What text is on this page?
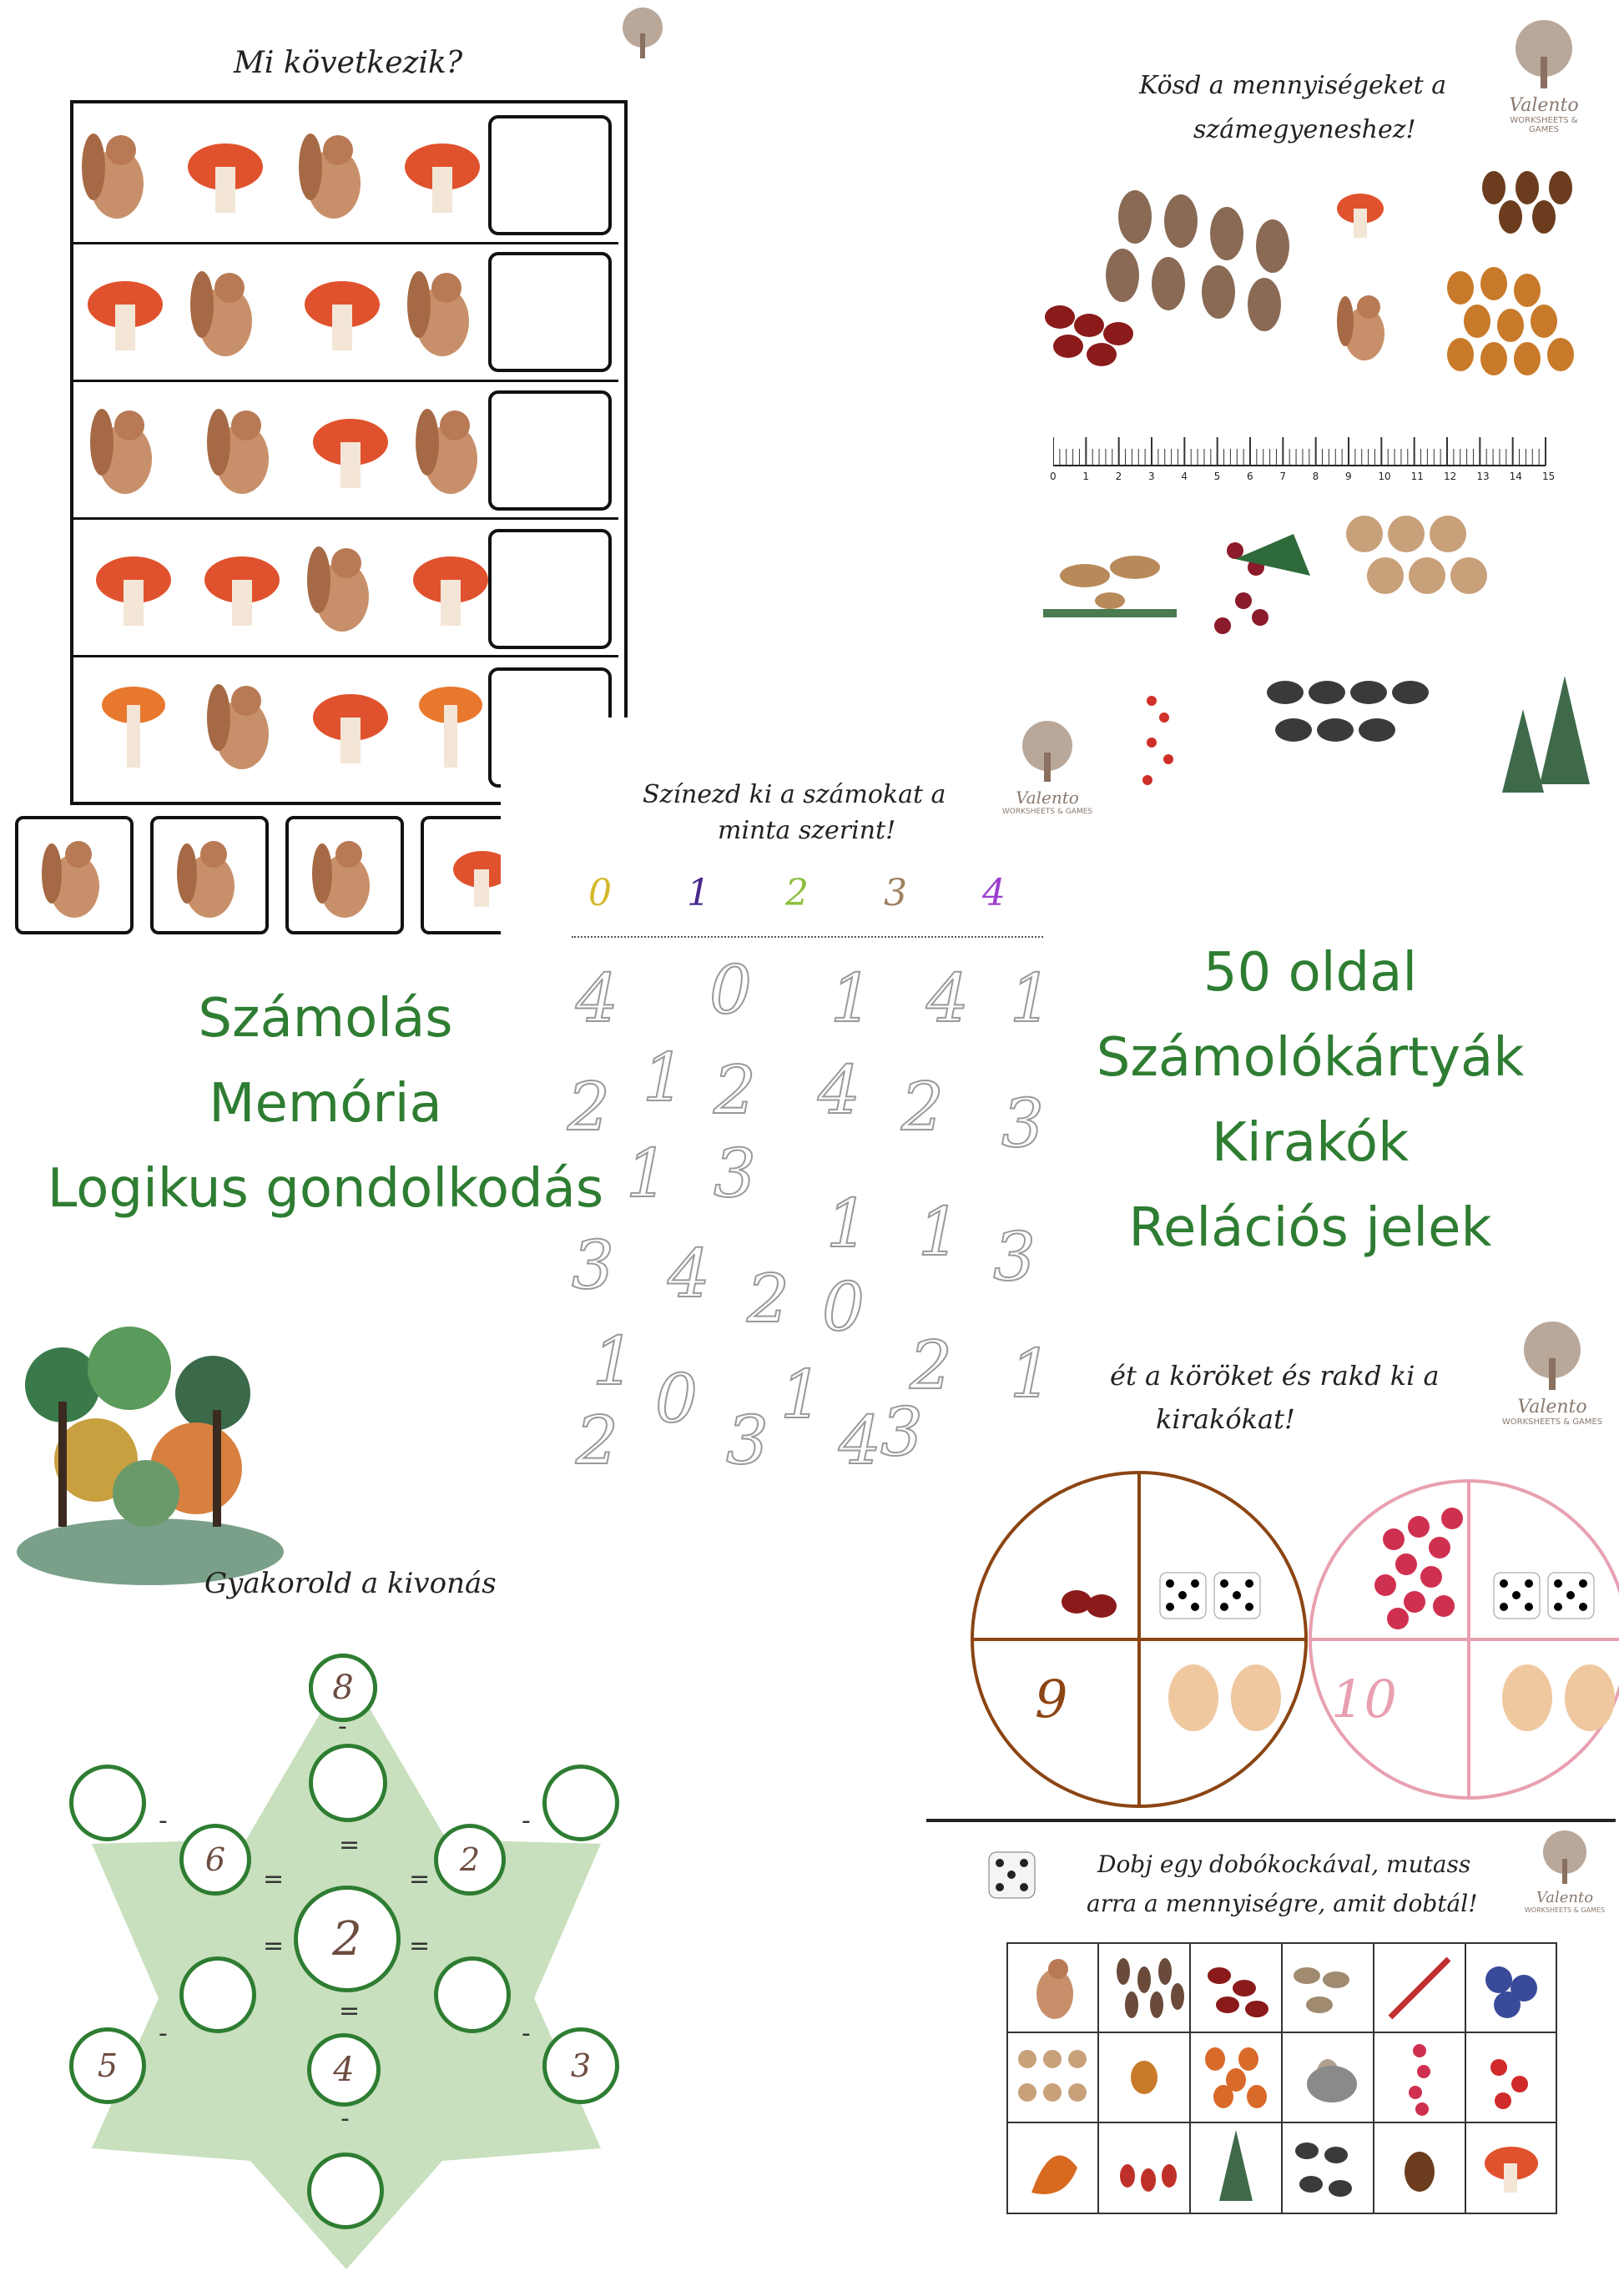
Mi következik?
Kösd a mennyiségeket a
számegyeneshez!
Valento
WORKSHEETS & GAMES
0	1	2	3	4	5	6	7	8	9	10 11 12 13 14 15
Színezd ki a számokat a
minta szerint!
Valento
WORKSHEETS & GAMES
0 1 2 3 4
4 0 1 4 1
2 1 2 4 2 3
1 3
1 1 3
3 4 2 0
1 0 1 2 1
2 3 4 3
Számolás
Memória
Logikus gondolkodás
50 oldal
Számolókártyák
Kirakók
Relációs jelek
Gyakorold a kivonás
8
-
=
-
6
=
-
2
=
2
=	=
-	-
=
4
-
5	3
ét a köröket és rakd ki a
kirakókat!	Valento
WORKSHEETS & GAMES
9	10
Dobj egy dobókockával, mutass
arra a mennyiségre, amit dobtál!	Valento
WORKSHEETS & GAMES
